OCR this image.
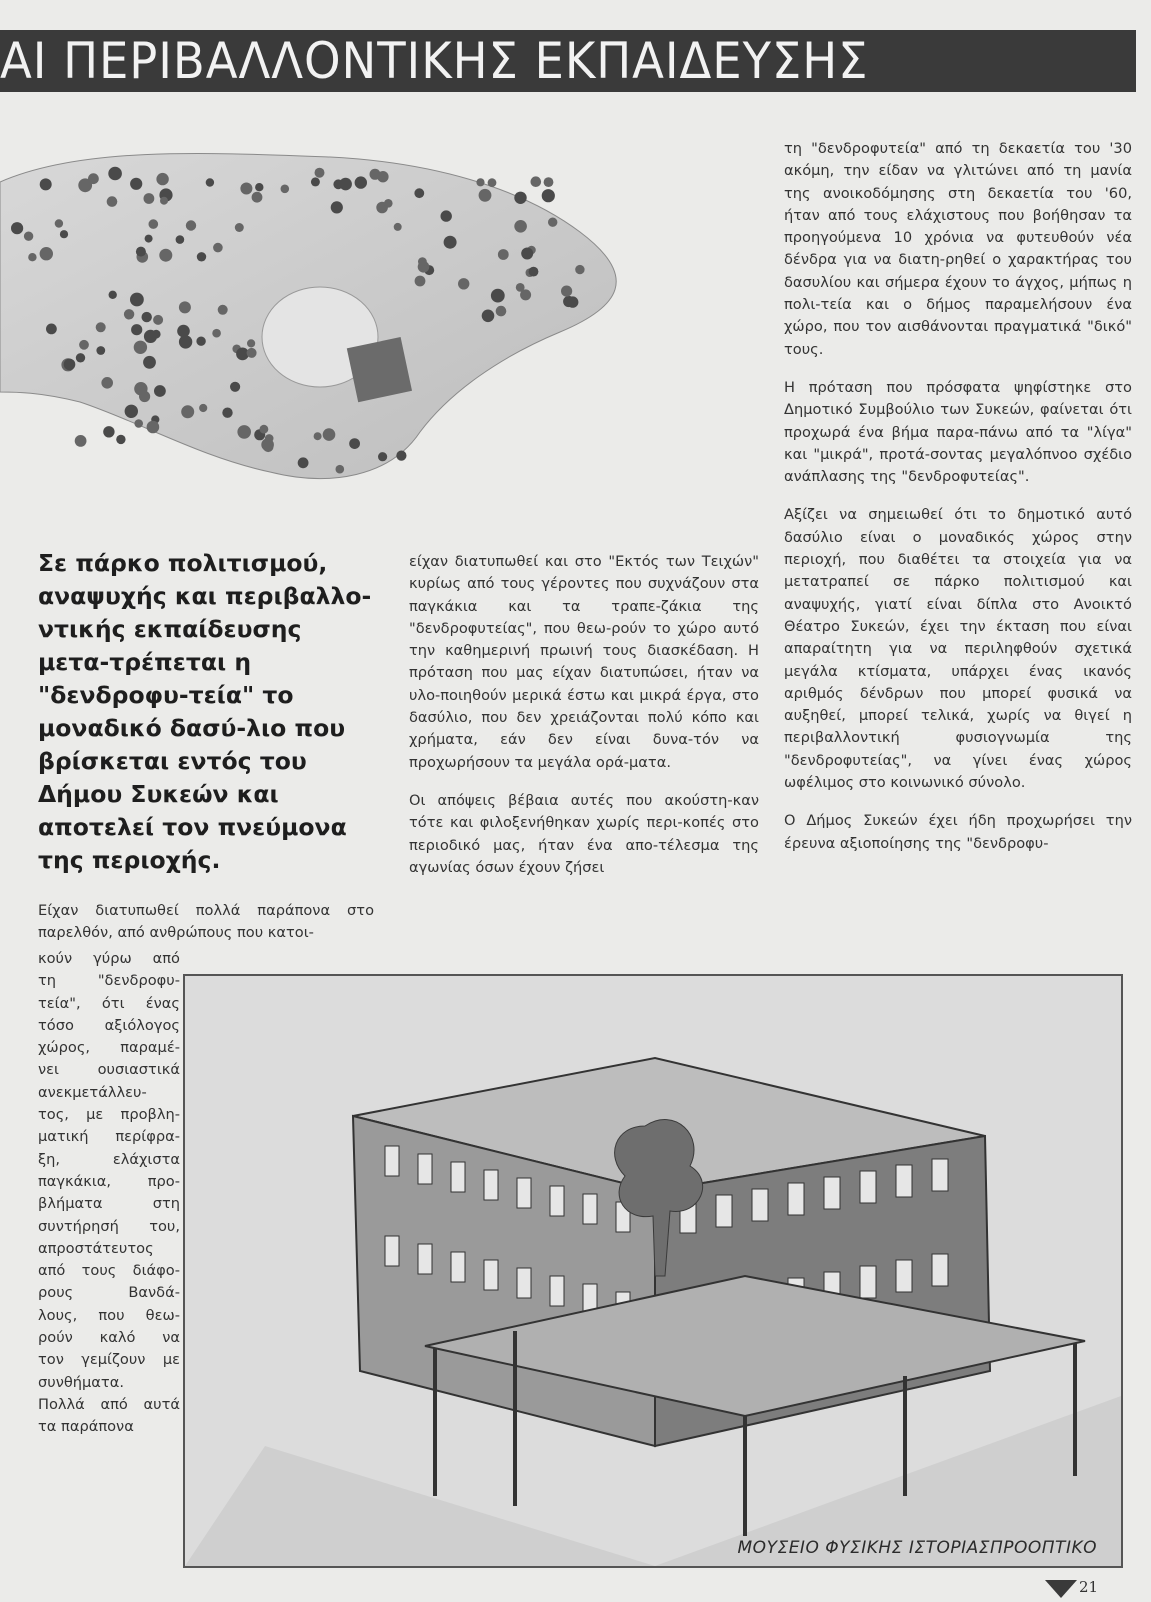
ΑΙ ΠΕΡΙΒΑΛΛΟΝΤΙΚΗΣ ΕΚΠΑΙΔΕΥΣΗΣ

τη "δενδροφυτεία" από τη δεκαετία του '30 ακόμη, την είδαν να γλιτώνει από τη μανία της ανοικοδόμησης στη δεκαετία του '60, ήταν από τους ελάχιστους που βοήθησαν τα προηγούμενα 10 χρόνια να φυτευθούν νέα δένδρα για να διατη-ρηθεί ο χαρακτήρας του δασυλίου και σήμερα έχουν το άγχος, μήπως η πολι-τεία και ο δήμος παραμελήσουν ένα χώρο, που τον αισθάνονται πραγματικά "δικό" τους.

Η πρόταση που πρόσφατα ψηφίστηκε στο Δημοτικό Συμβούλιο των Συκεών, φαίνεται ότι προχωρά ένα βήμα παρα-πάνω από τα "λίγα" και "μικρά", προτά-σοντας μεγαλόπνοο σχέδιο ανάπλασης της "δενδροφυτείας".

Αξίζει να σημειωθεί ότι το δημοτικό αυτό δασύλιο είναι ο μοναδικός χώρος στην περιοχή, που διαθέτει τα στοιχεία για να μετατραπεί σε πάρκο πολιτισμού και αναψυχής, γιατί είναι δίπλα στο Ανοικτό Θέατρο Συκεών, έχει την έκταση που είναι απαραίτητη για να περιληφθούν σχετικά μεγάλα κτίσματα, υπάρχει ένας ικανός αριθμός δένδρων που μπορεί φυσικά να αυξηθεί, μπορεί τελικά, χωρίς να θιγεί η περιβαλλοντική φυσιογνωμία της "δενδροφυτείας", να γίνει ένας χώρος ωφέλιμος στο κοινωνικό σύνολο.

Ο Δήμος Συκεών έχει ήδη προχωρήσει την έρευνα αξιοποίησης της "δενδροφυ-

Σε πάρκο πολιτισμού, αναψυχής και περιβαλλο-ντικής εκπαίδευσης μετα-τρέπεται η "δενδροφυ-τεία" το μοναδικό δασύ-λιο που βρίσκεται εντός του Δήμου Συκεών και αποτελεί τον πνεύμονα της περιοχής.

είχαν διατυπωθεί και στο "Εκτός των Τειχών" κυρίως από τους γέροντες που συχνάζουν στα παγκάκια και τα τραπε-ζάκια της "δενδροφυτείας", που θεω-ρούν το χώρο αυτό την καθημερινή πρωινή τους διασκέδαση. Η πρόταση που μας είχαν διατυπώσει, ήταν να υλο-ποιηθούν μερικά έστω και μικρά έργα, στο δασύλιο, που δεν χρειάζονται πολύ κόπο και χρήματα, εάν δεν είναι δυνα-τόν να προχωρήσουν τα μεγάλα ορά-ματα.

Οι απόψεις βέβαια αυτές που ακούστη-καν τότε και φιλοξενήθηκαν χωρίς περι-κοπές στο περιοδικό μας, ήταν ένα απο-τέλεσμα της αγωνίας όσων έχουν ζήσει

Είχαν διατυπωθεί πολλά παράπονα στο παρελθόν, από ανθρώπους που κατοι-

κούν γύρω από
τη "δενδροφυ-
τεία", ότι ένας
τόσο αξιόλογος
χώρος, παραμέ-
νει ουσιαστικά
ανεκμετάλλευ-
τος, με προβλη-
ματική περίφρα-
ξη, ελάχιστα
παγκάκια, προ-
βλήματα στη
συντήρησή του,
απροστάτευτος
από τους διάφο-
ρους Βανδά-
λους, που θεω-
ρούν καλό να
τον γεμίζουν με
συνθήματα.
Πολλά από αυτά
τα παράπονα
ΜΟΥΣΕΙΟ ΦΥΣΙΚΗΣ ΙΣΤΟΡΙΑΣΠΡΟΟΠΤΙΚΟ
21
